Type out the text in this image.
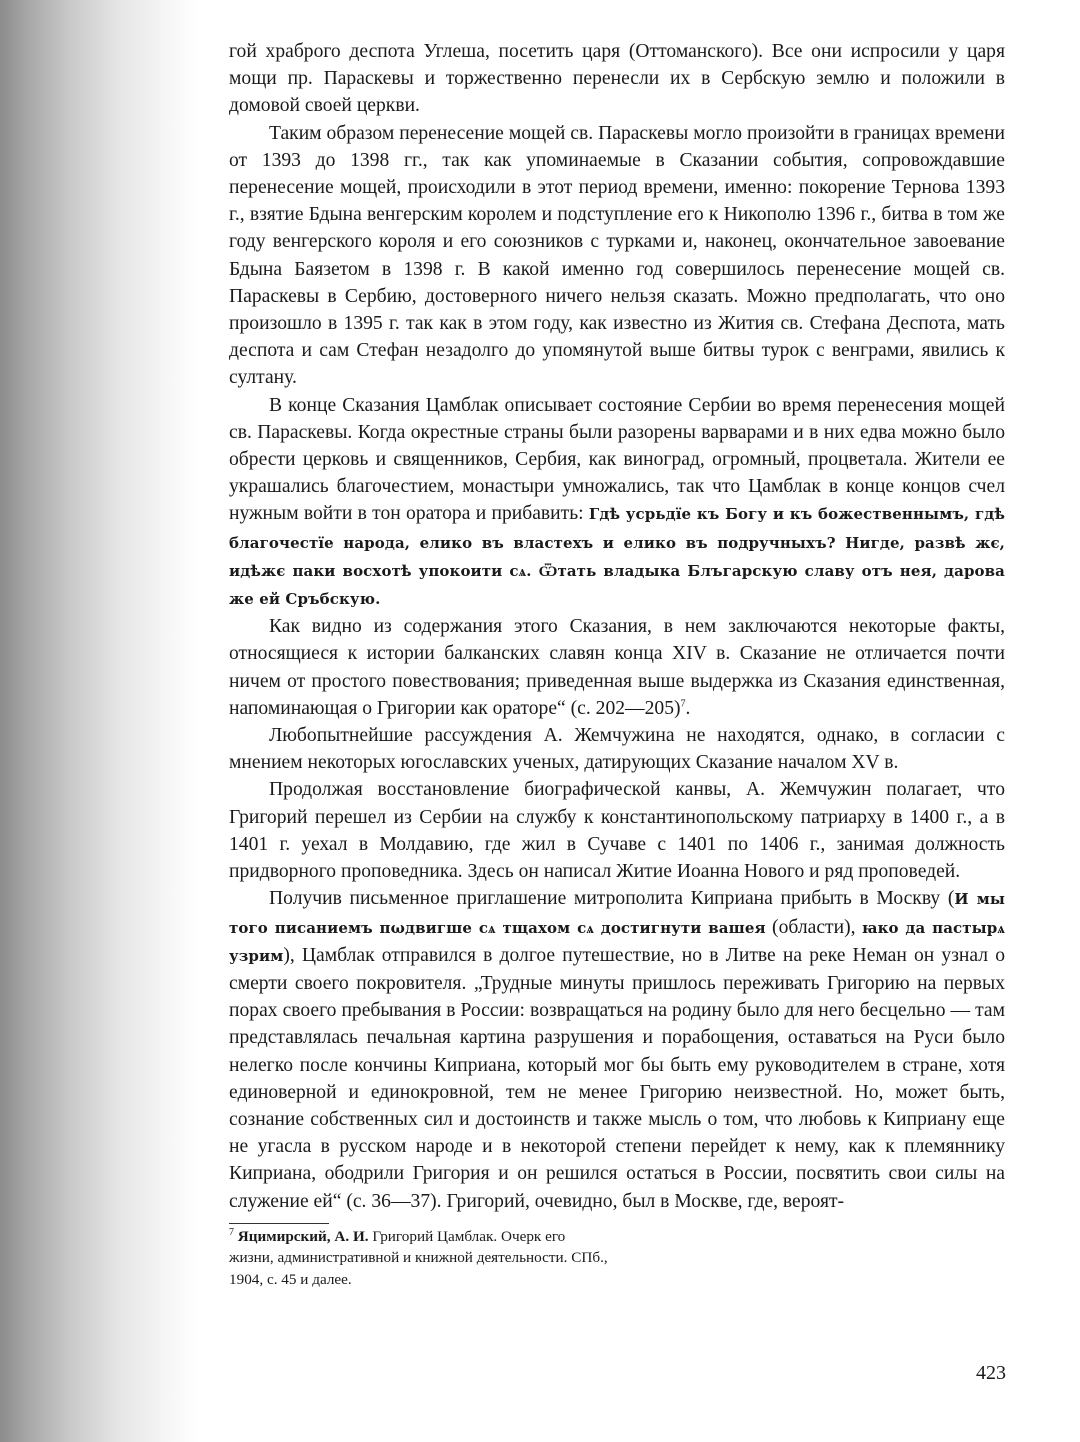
гой храброго деспота Углеша, посетить царя (Оттоманского). Все они испросили у царя мощи пр. Параскевы и торжественно перенесли их в Сербскую землю и положили в домовой своей церкви.

Таким образом перенесение мощей св. Параскевы могло произойти в границах времени от 1393 до 1398 гг., так как упоминаемые в Сказании события, сопровождавшие перенесение мощей, происходили в этот период времени, именно: покорение Тернова 1393 г., взятие Бдына венгерским королем и подступление его к Никополю 1396 г., битва в том же году венгерского короля и его союзников с турками и, наконец, окончательное завоевание Бдына Баязетом в 1398 г. В какой именно год совершилось перенесение мощей св. Параскевы в Сербию, достоверного ничего нельзя сказать. Можно предполагать, что оно произошло в 1395 г. так как в этом году, как известно из Жития св. Стефана Деспота, мать деспота и сам Стефан незадолго до упомянутой выше битвы турок с венграми, явились к султану.

В конце Сказания Цамблак описывает состояние Сербии во время перенесения мощей св. Параскевы. Когда окрестные страны были разорены варварами и в них едва можно было обрести церковь и священников, Сербия, как виноград, огромный, процветала. Жители ее украшались благочестием, монастыри умножались, так что Цамблак в конце концов счел нужным войти в тон оратора и прибавить: Гдѣ усрьдїе къ Богу и къ божественнымъ, гдѣ благочестїе народа, елико въ властехъ и елико въ подручныхъ? Нигде, развѣ жє, идѣжє паки восхотѣ упокоити сѧ. Ѿтать владыка Блъгарскую славу отъ нея, дарова же ей Сръбскую.

Как видно из содержания этого Сказания, в нем заключаются некоторые факты, относящиеся к истории балканских славян конца XIV в. Сказание не отличается почти ничем от простого повествования; приведенная выше выдержка из Сказания единственная, напоминающая о Григории как ораторе“ (с. 202—205)$^7$.

Любопытнейшие рассуждения А. Жемчужина не находятся, однако, в согласии с мнением некоторых югославских ученых, датирующих Сказание началом XV в.

Продолжая восстановление биографической канвы, А. Жемчужин полагает, что Григорий перешел из Сербии на службу к константинопольскому патриарху в 1400 г., а в 1401 г. уехал в Молдавию, где жил в Сучаве с 1401 по 1406 г., занимая должность придворного проповедника. Здесь он написал Житие Иоанна Нового и ряд проповедей.

Получив письменное приглашение митрополита Киприана прибыть в Москву (И мы того писаниемъ пωдвигше сѧ тщахом сѧ достигнути вашея (области), ꙗко да пастырѧ узрим), Цамблак отправился в долгое путешествие, но в Литве на реке Неман он узнал о смерти своего покровителя. „Трудные минуты пришлось переживать Григорию на первых порах своего пребывания в России: возвращаться на родину было для него бесцельно — там представлялась печальная картина разрушения и порабощения, оставаться на Руси было нелегко после кончины Киприана, который мог бы быть ему руководителем в стране, хотя единоверной и единокровной, тем не менее Григорию неизвестной. Но, может быть, сознание собственных сил и достоинств и также мысль о том, что любовь к Киприану еще не угасла в русском народе и в некоторой степени перейдет к нему, как к племяннику Киприана, ободрили Григория и он решился остаться в России, посвятить свои силы на служение ей“ (с. 36—37). Григорий, очевидно, был в Москве, где, вероят-

$^7$ Яцимирский, А. И. Григорий Цамблак. Очерк его жизни, административной и книжной деятельности. СПб., 1904, с. 45 и далее.

423
